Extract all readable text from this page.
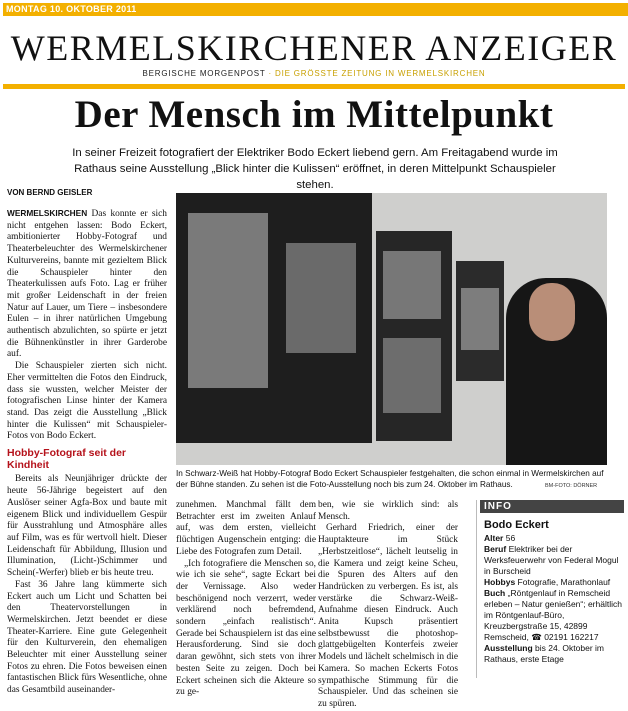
MONTAG 10. OKTOBER 2011
WERMELSKIRCHENER ANZEIGER
BERGISCHE MORGENPOST · DIE GRÖSSTE ZEITUNG IN WERMELSKIRCHEN
Der Mensch im Mittelpunkt
In seiner Freizeit fotografiert der Elektriker Bodo Eckert liebend gern. Am Freitagabend wurde im Rathaus seine Ausstellung „Blick hinter die Kulissen“ eröffnet, in deren Mittelpunkt Schauspieler stehen.
VON BERND GEISLER

WERMELSKIRCHEN Das konnte er sich nicht entgehen lassen: Bodo Eckert, ambitionierter Hobby-Fotograf und Theaterbeleuchter des Wermelskirchener Kulturvereins, bannte mit gezieltem Blick die Schauspieler hinter den Theaterkulissen aufs Foto. Lag er früher mit großer Leidenschaft in der freien Natur auf Lauer, um Tiere – insbesondere Eulen – in ihrer natürlichen Umgebung authentisch abzulichten, so spürte er jetzt die Bühnenkünstler in ihrer Garderobe auf.

Die Schauspieler zierten sich nicht. Eher vermittelten die Fotos den Eindruck, dass sie wussten, welcher Meister der fotografischen Linse hinter der Kamera stand. Das zeigt die Ausstellung „Blick hinter die Kulissen“ mit Schauspieler-Fotos von Bodo Eckert.

Hobby-Fotograf seit der Kindheit

Bereits als Neunjähriger drückte der heute 56-Jährige begeistert auf den Auslöser seiner Agfa-Box und baute mit eigenem Blick und individuellem Gespür für Ausstrahlung und Atmosphäre alles auf Film, was es für wertvoll hielt. Dieser Leidenschaft für Abbildung, Illusion und Illumination, (Licht-)Schimmer und Schein(-Werfer) blieb er bis heute treu.

Fast 36 Jahre lang kümmerte sich Eckert auch um Licht und Schatten bei den Theatervorstellungen in Wermelskirchen. Jetzt beendet er diese Theater-Karriere. Eine gute Gelegenheit für den Kulturverein, den ehemaligen Beleuchter mit einer Ausstellung seiner Fotos zu ehren. Die Fotos beweisen einen fantastischen Blick fürs Wesentliche, ohne das Gesamtbild auseinander-

In Schwarz-Weiß hat Hobby-Fotograf Bodo Eckert Schauspieler festgehalten, die schon einmal in Wermelskirchen auf der Bühne standen. Zu sehen ist die Foto-Ausstellung noch bis zum 24. Oktober im Rathaus.	BM-FOTO: DÖRNER

zunehmen. Manchmal fällt dem Betrachter erst im zweiten Anlauf auf, was dem ersten, vielleicht flüchtigen Augenschein entging: die Liebe des Fotografen zum Detail.

„Ich fotografiere die Menschen so, wie ich sie sehe“, sagte Eckart bei der Vernissage. Also weder beschönigend noch verzerrt, weder verklärend noch befremdend, sondern „einfach realistisch“. Gerade bei Schauspielern ist das eine Herausforderung. Sind sie doch daran gewöhnt, sich stets von ihrer besten Seite zu zeigen. Doch bei Eckert scheinen sich die Akteure so zu ge-

ben, wie sie wirklich sind: als Mensch.

Gerhard Friedrich, einer der Hauptakteure im Stück „Herbstzeitlose“, lächelt leutselig in die Kamera und zeigt keine Scheu, die Spuren des Alters auf den Handrücken zu verbergen. Es ist, als verstärke die Schwarz-Weiß-Aufnahme diesen Eindruck. Auch Anita Kupsch präsentiert selbstbewusst die photoshop-glattgebügelten Konterfeis zweier Models und lächelt schelmisch in die Kamera. So machen Eckerts Fotos sympathische Stimmung für die Schauspieler. Und das scheinen sie zu spüren.

INFO
Bodo Eckert
Alter 56
Beruf Elektriker bei der Werksfeuerwehr von Federal Mogul in Burscheid
Hobbys Fotografie, Marathonlauf
Buch „Röntgenlauf in Remscheid erleben – Natur genießen“; erhältlich im Röntgenlauf-Büro, Kreuzbergstraße 15, 42899 Remscheid, ☎ 02191 162217
Ausstellung bis 24. Oktober im Rathaus, erste Etage
